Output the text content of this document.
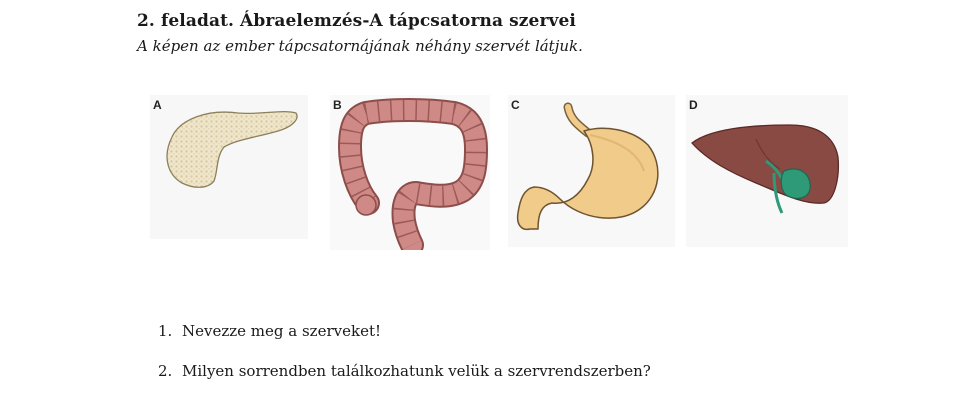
2. feladat. Ábraelemzés-A tápcsatorna szervei
A képen az ember tápcsatornájának néhány szervét látjuk.
A	B	C	D
1. Nevezze meg a szerveket!
2. Milyen sorrendben találkozhatunk velük a szervrendszerben?
